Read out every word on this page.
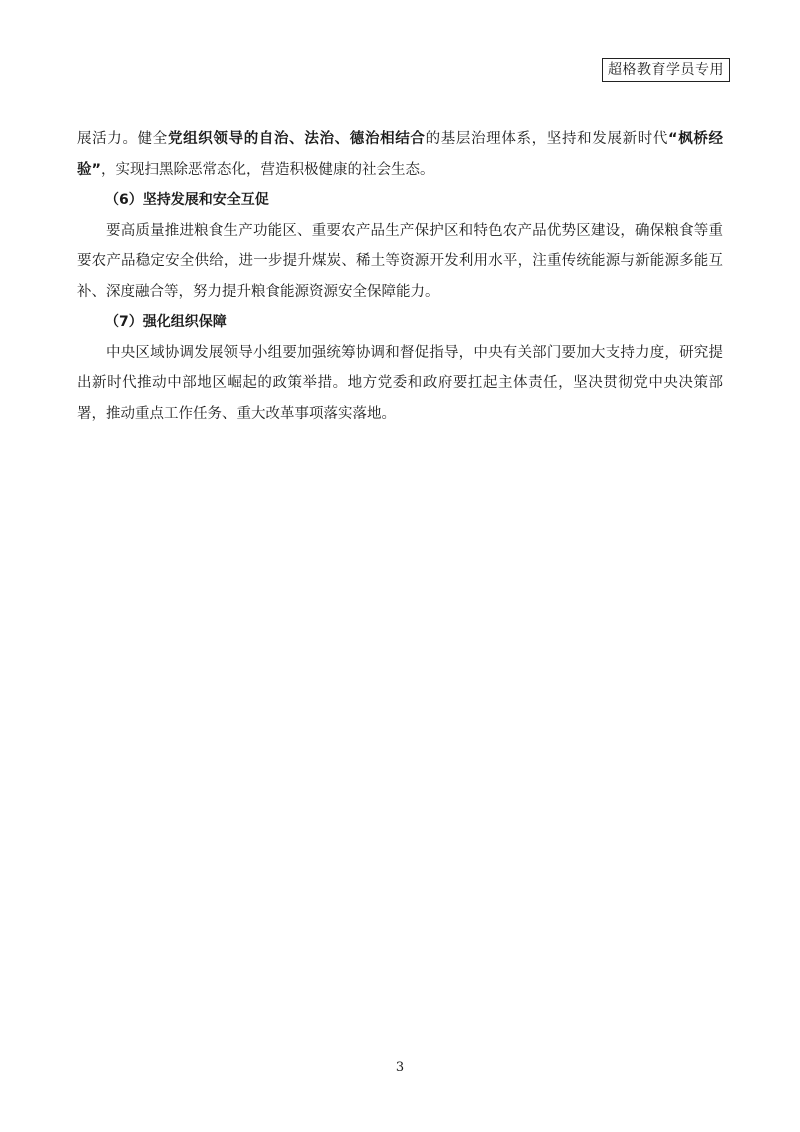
超格教育学员专用

展活力。健全党组织领导的自治、法治、德治相结合的基层治理体系，坚持和发展新时代“枫桥经验”，实现扫黑除恶常态化，营造积极健康的社会生态。

（6）坚持发展和安全互促

要高质量推进粮食生产功能区、重要农产品生产保护区和特色农产品优势区建设，确保粮食等重要农产品稳定安全供给，进一步提升煤炭、稀土等资源开发利用水平，注重传统能源与新能源多能互补、深度融合等，努力提升粮食能源资源安全保障能力。

（7）强化组织保障

中央区域协调发展领导小组要加强统筹协调和督促指导，中央有关部门要加大支持力度，研究提出新时代推动中部地区崛起的政策举措。地方党委和政府要扛起主体责任，坚决贯彻党中央决策部署，推动重点工作任务、重大改革事项落实落地。

3
